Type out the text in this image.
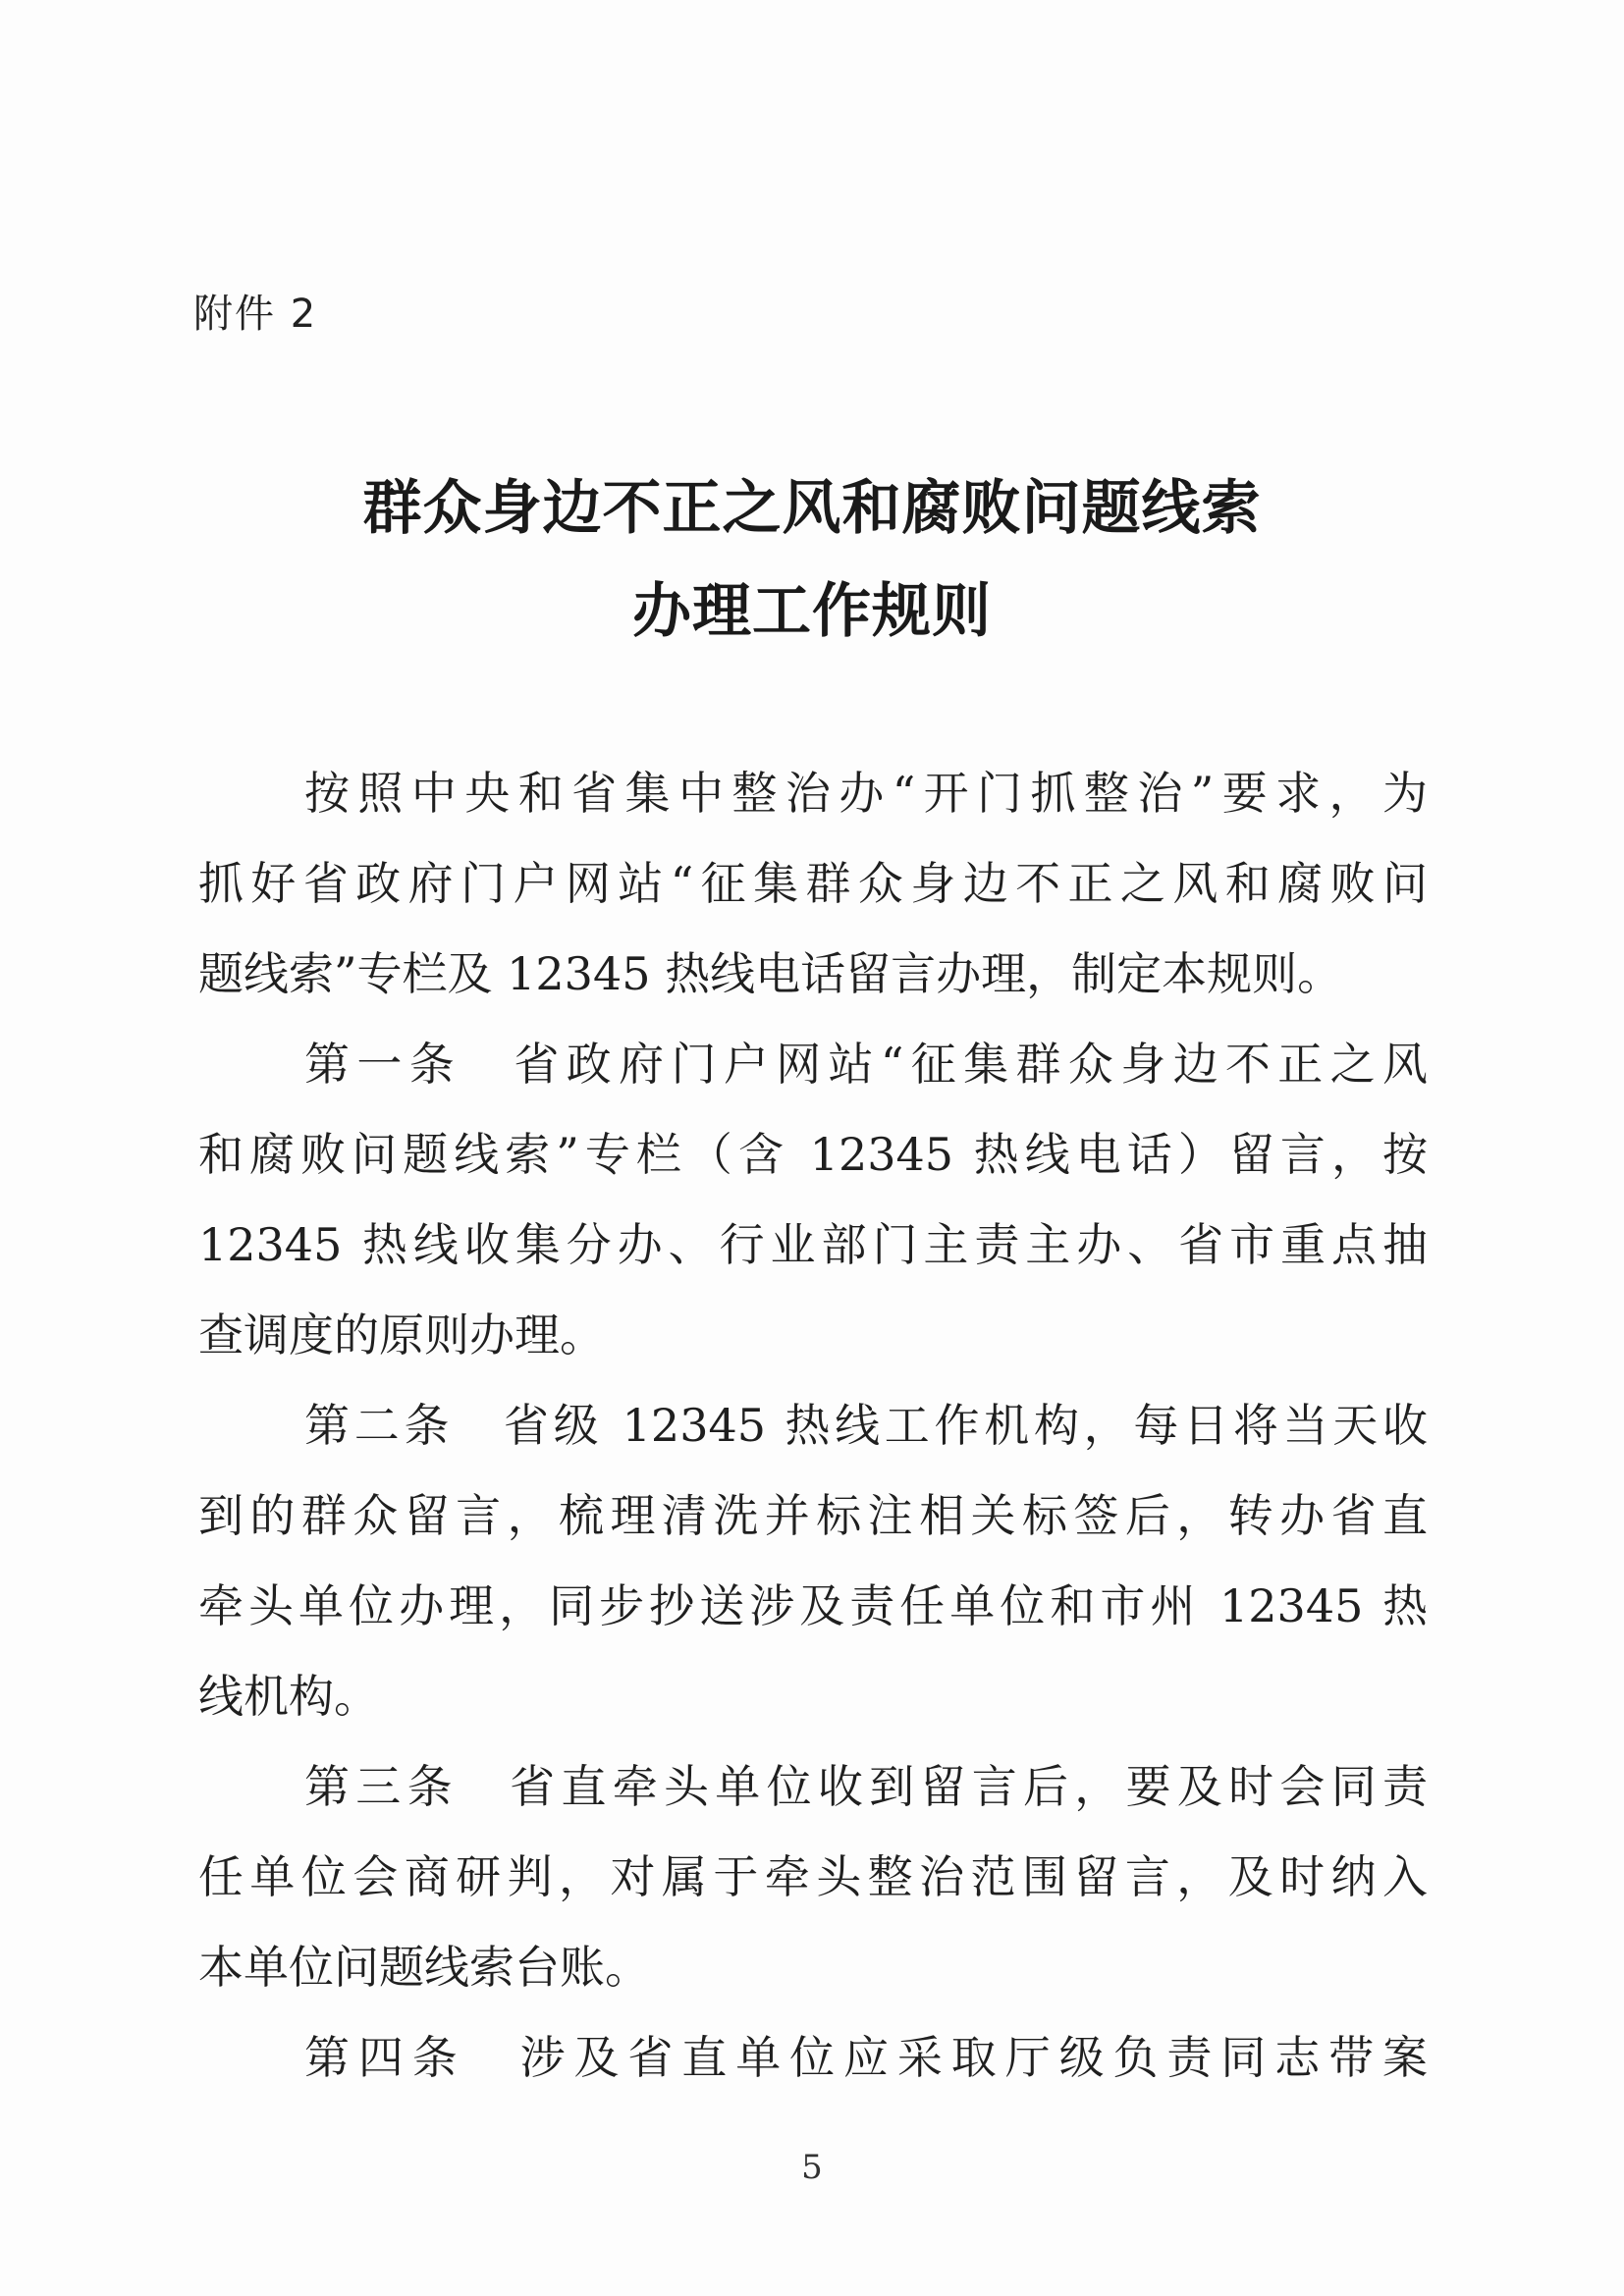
附件 2
群众身边不正之风和腐败问题线索
办理工作规则
按照中央和省集中整治办“开门抓整治”要求，为
抓好省政府门户网站“征集群众身边不正之风和腐败问
题线索”专栏及 12345 热线电话留言办理，制定本规则。
第一条　省政府门户网站“征集群众身边不正之风
和腐败问题线索”专栏（含 12345 热线电话）留言，按
12345 热线收集分办、行业部门主责主办、省市重点抽
查调度的原则办理。
第二条　省级 12345 热线工作机构，每日将当天收
到的群众留言，梳理清洗并标注相关标签后，转办省直
牵头单位办理，同步抄送涉及责任单位和市州 12345 热
线机构。
第三条　省直牵头单位收到留言后，要及时会同责
任单位会商研判，对属于牵头整治范围留言，及时纳入
本单位问题线索台账。
第四条　涉及省直单位应采取厅级负责同志带案
5
